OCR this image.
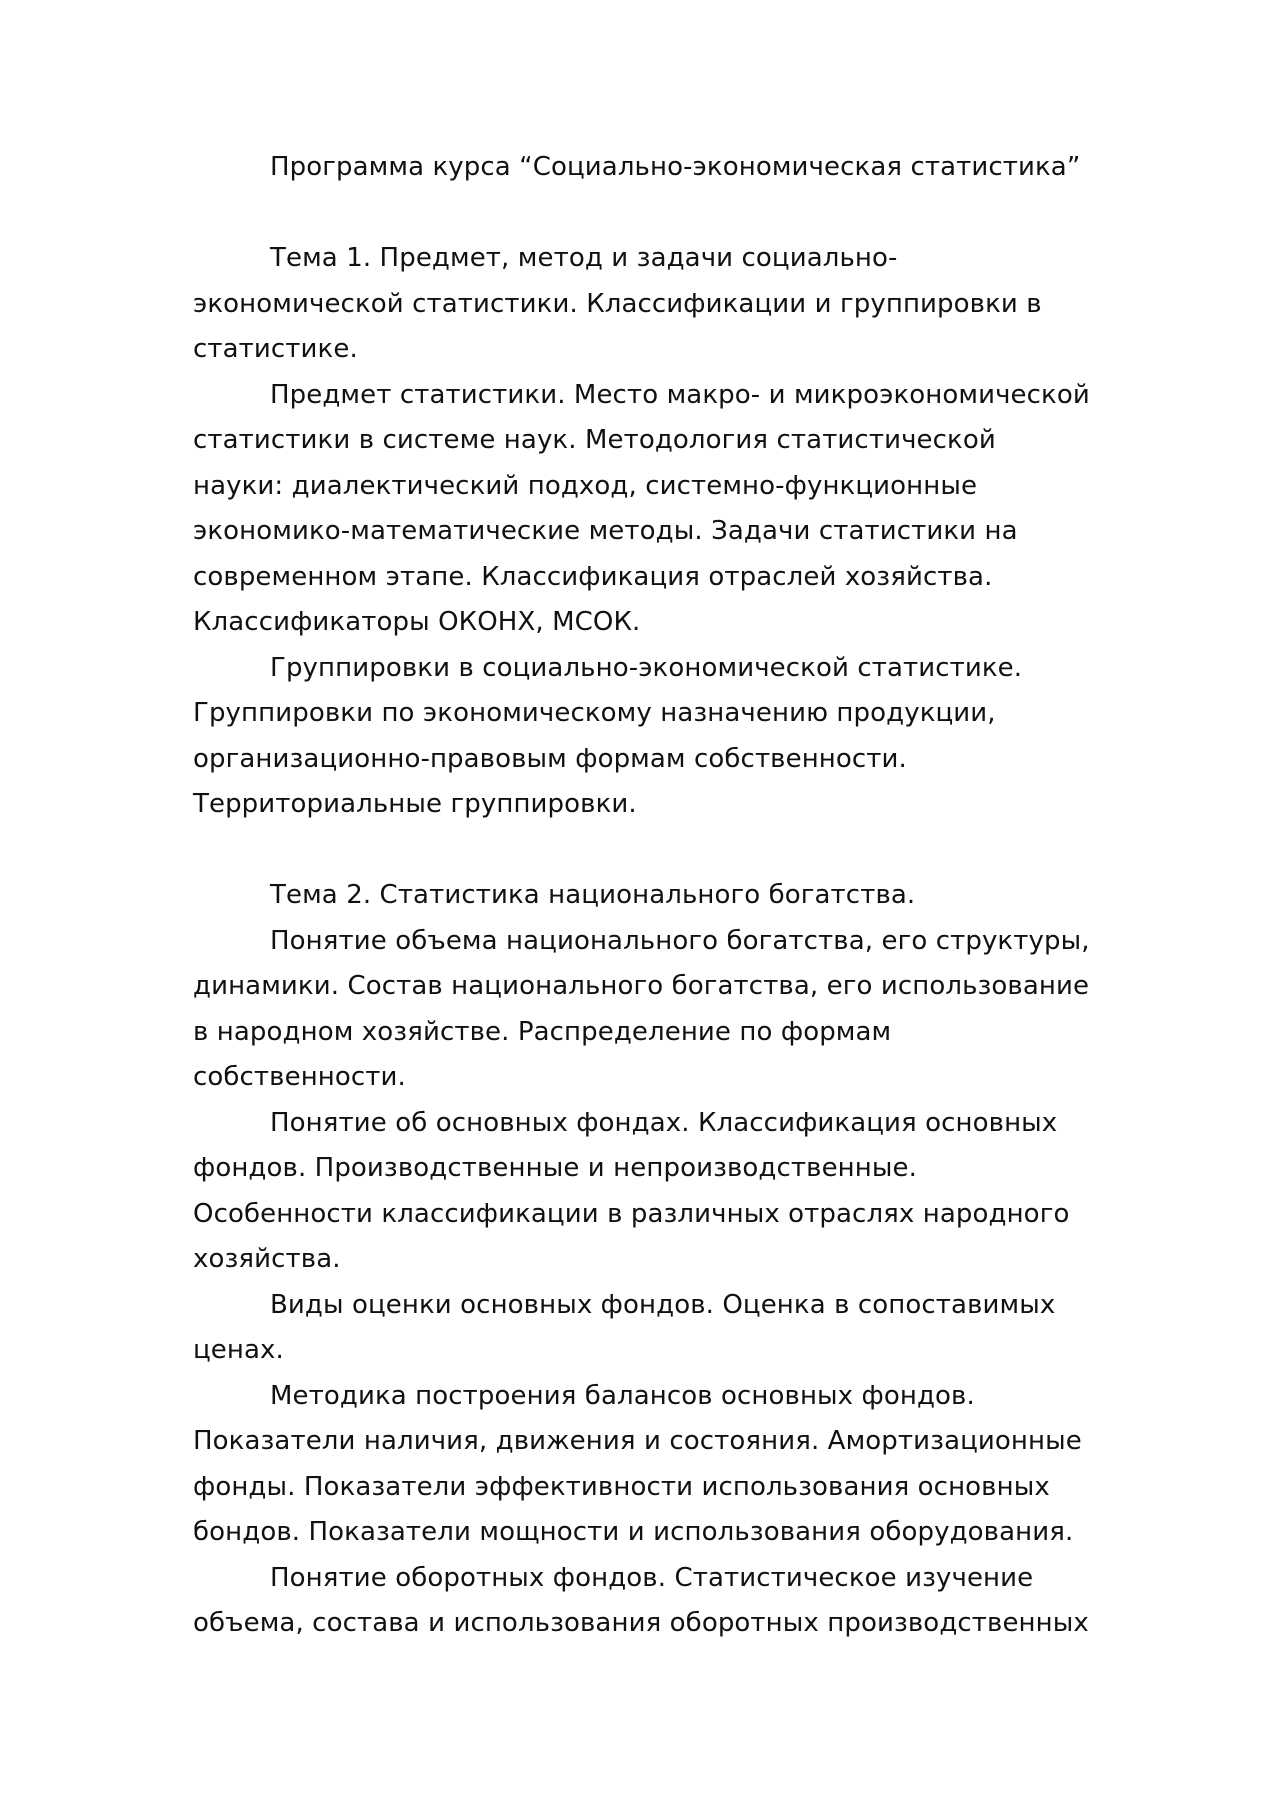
Программа курса “Социально-экономическая статистика”

Тема 1. Предмет, метод и задачи социально-экономической статистики. Классификации и группировки в статистике.

Предмет статистики. Место макро- и микроэкономической статистики в системе наук. Методология статистической науки: диалектический подход, системно-функционные экономико-математические методы. Задачи статистики на современном этапе. Классификация отраслей хозяйства. Классификаторы ОКОНХ, МСОК.

Группировки в социально-экономической статистике. Группировки по экономическому назначению продукции, организационно-правовым формам собственности. Территориальные группировки.

Тема 2. Статистика национального богатства.

Понятие объема национального богатства, его структуры, динамики. Состав национального богатства, его использование в народном хозяйстве. Распределение по формам собственности.

Понятие об основных фондах. Классификация основных фондов. Производственные и непроизводственные. Особенности классификации в различных отраслях народного хозяйства.

Виды оценки основных фондов. Оценка в сопоставимых ценах.

Методика построения балансов основных фондов. Показатели наличия, движения и состояния. Амортизационные фонды. Показатели эффективности использования основных бондов. Показатели мощности и использования оборудования.

Понятие оборотных фондов. Статистическое изучение объема, состава и использования оборотных производственных
